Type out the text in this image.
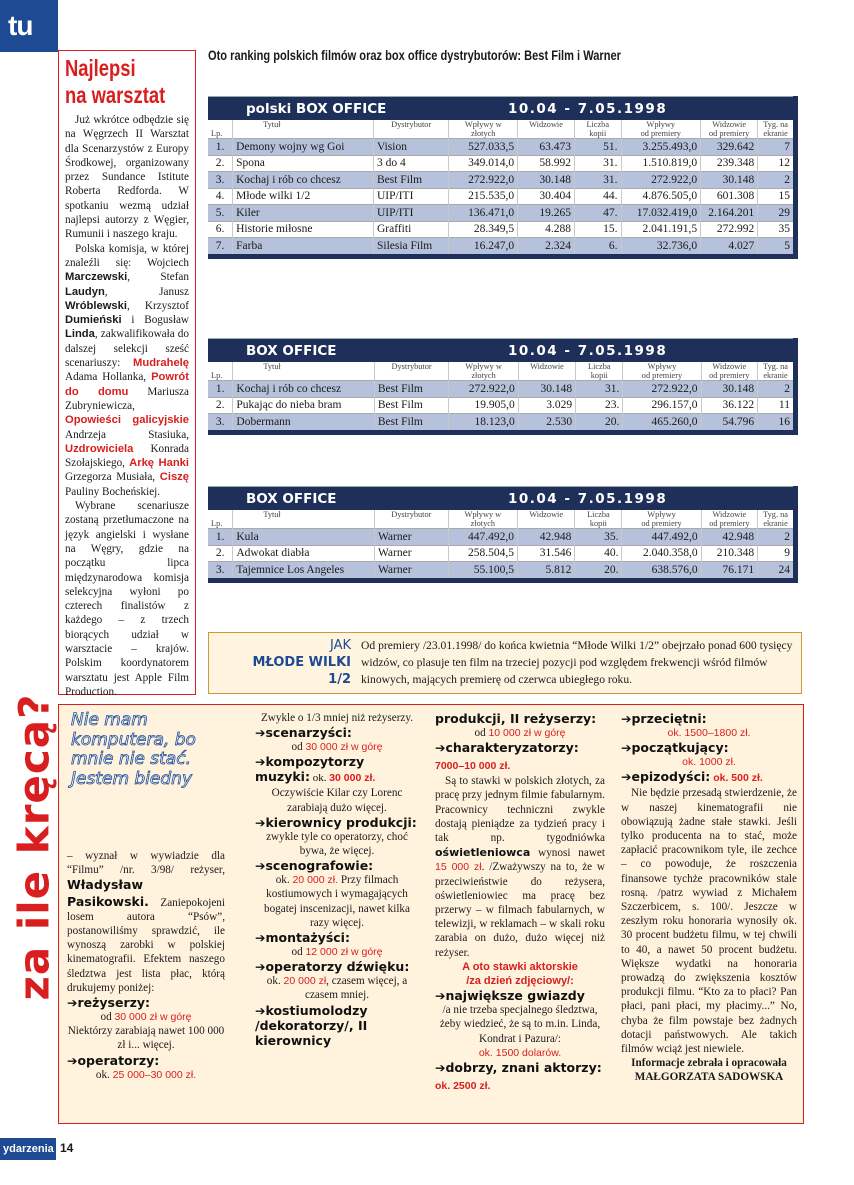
tu
Najlepsi
na warsztat

Już wkrótce odbędzie się na Węgrzech II Warsztat dla Scenarzystów z Europy Środkowej, organizowany przez Sundance Istitute Roberta Redforda. W spotkaniu wezmą udział najlepsi autorzy z Węgier, Rumunii i naszego kraju.

Polska komisja, w której znaleźli się: Wojciech Marczewski, Stefan Laudyn, Janusz Wróblewski, Krzysztof Dumieński i Bogusław Linda, zakwalifikowała do dalszej selekcji sześć scenariuszy: Mudrahelę Adama Hollanka, Powrót do domu Mariusza Zubryniewicza, Opowieści galicyjskie Andrzeja Stasiuka, Uzdrowiciela Konrada Szołajskiego, Arkę Hanki Grzegorza Musiała, Ciszę Pauliny Bocheńskiej.

Wybrane scenariusze zostaną przetłumaczone na język angielski i wysłane na Węgry, gdzie na początku lipca międzynarodowa komisja selekcyjna wyłoni po czterech finalistów z każdego – z trzech biorących udział w warsztacie – krajów. Polskim koordynatorem warsztatu jest Apple Film Production.

Oto ranking polskich filmów oraz box office dystrybutorów: Best Film i Warner
polski BOX OFFICE	10.04 - 7.05.1998
Lp.	Tytuł	Dystrybutor	Wpływy w
złotych	Widzowie	Liczba
kopii	Wpływy
od premiery	Widzowie
od premiery	Tyg. na
ekranie
1.	Demony wojny wg Goi	Vision	527.033,5	63.473	51.	3.255.493,0	329.642	7
2.	Spona	3 do 4	349.014,0	58.992	31.	1.510.819,0	239.348	12
3.	Kochaj i rób co chcesz	Best Film	272.922,0	30.148	31.	272.922,0	30.148	2
4.	Młode wilki 1/2	UIP/ITI	215.535,0	30.404	44.	4.876.505,0	601.308	15
5.	Kiler	UIP/ITI	136.471,0	19.265	47.	17.032.419,0	2.164.201	29
6.	Historie miłosne	Graffiti	28.349,5	4.288	15.	2.041.191,5	272.992	35
7.	Farba	Silesia Film	16.247,0	2.324	6.	32.736,0	4.027	5
BOX OFFICE	10.04 - 7.05.1998
Lp.	Tytuł	Dystrybutor	Wpływy w
złotych	Widzowie	Liczba
kopii	Wpływy
od premiery	Widzowie
od premiery	Tyg. na
ekranie
1.	Kochaj i rób co chcesz	Best Film	272.922,0	30.148	31.	272.922,0	30.148	2
2.	Pukając do nieba bram	Best Film	19.905,0	3.029	23.	296.157,0	36.122	11
3.	Dobermann	Best Film	18.123,0	2.530	20.	465.260,0	54.796	16
BOX OFFICE	10.04 - 7.05.1998
Lp.	Tytuł	Dystrybutor	Wpływy w
złotych	Widzowie	Liczba
kopii	Wpływy
od premiery	Widzowie
od premiery	Tyg. na
ekranie
1.	Kula	Warner	447.492,0	42.948	35.	447.492,0	42.948	2
2.	Adwokat diabła	Warner	258.504,5	31.546	40.	2.040.358,0	210.348	9
3.	Tajemnice Los Angeles	Warner	55.100,5	5.812	20.	638.576,0	76.171	24
JAK
MŁODE WILKI
1/2
Od premiery /23.01.1998/ do końca kwietnia “Młode Wilki 1/2” obejrzało ponad 600 tysięcy widzów, co plasuje ten film na trzeciej pozycji pod względem frekwencji wśród filmów kinowych, mających premierę od czerwca ubiegłego roku.
za ile kręcą? Nie mam komputera, bo mnie nie stać. Jestem biedny

– wyznał w wywiadzie dla “Filmu” /nr. 3/98/ reżyser, Władysław Pasikowski. Zaniepokojeni losem autora “Psów”, postanowiliśmy sprawdzić, ile wynoszą zarobki w polskiej kinematografii. Efektem naszego śledztwa jest lista płac, którą drukujemy poniżej:

➔reżyserzy:
od 30 000 zł w górę
Niektórzy zarabiają nawet 100 000 zł i... więcej.
➔operatorzy:
ok. 25 000–30 000 zł.
Zwykle o 1/3 mniej niż reżyserzy.
➔scenarzyści:
od 30 000 zł w górę
➔kompozytorzy muzyki: ok. 30 000 zł.
Oczywiście Kilar czy Lorenc zarabiają dużo więcej.
➔kierownicy produkcji:
zwykle tyle co operatorzy, choć bywa, że więcej.
➔scenografowie:
ok. 20 000 zł. Przy filmach kostiumowych i wymagających bogatej inscenizacji, nawet kilka razy więcej.
➔montażyści:
od 12 000 zł w górę
➔operatorzy dźwięku:
ok. 20 000 zł, czasem więcej, a czasem mniej.
➔kostiumolodzy /dekoratorzy/, II kierownicy
produkcji, II reżyserzy:
od 10 000 zł w górę
➔charakteryzatorzy: 7000–10 000 zł.

Są to stawki w polskich złotych, za pracę przy jednym filmie fabularnym. Pracownicy techniczni zwykle dostają pieniądze za tydzień pracy i tak np. tygodniówka oświetleniowca wynosi nawet 15 000 zł. /Zważywszy na to, że w przeciwieństwie do reżysera, oświetleniowiec ma pracę bez przerwy – w filmach fabularnych, w telewizji, w reklamach – w skali roku zarabia on dużo, dużo więcej niż reżyser.

A oto stawki aktorskie
/za dzień zdjęciowy/:
➔największe gwiazdy
/a nie trzeba specjalnego śledztwa, żeby wiedzieć, że są to m.in. Linda, Kondrat i Pazura/:
ok. 1500 dolarów.
➔dobrzy, znani aktorzy: ok. 2500 zł.
➔przeciętni:
ok. 1500–1800 zł.
➔początkujący:
ok. 1000 zł.
➔epizodyści: ok. 500 zł.

Nie będzie przesadą stwierdzenie, że w naszej kinematografii nie obowiązują żadne stałe stawki. Jeśli tylko producenta na to stać, może zapłacić pracownikom tyle, ile zechce – co powoduje, że roszczenia finansowe tychże pracowników stale rosną. /patrz wywiad z Michałem Szczerbicem, s. 100/. Jeszcze w zeszłym roku honoraria wynosiły ok. 30 procent budżetu filmu, w tej chwili to 40, a nawet 50 procent budżetu. Większe wydatki na honoraria prowadzą do zwiększenia kosztów produkcji filmu. “Kto za to płaci? Pan płaci, pani płaci, my płacimy...” No, chyba że film powstaje bez żadnych dotacji państwowych. Ale takich filmów wciąż jest niewiele.

Informacje zebrała i opracowała
MAŁGORZATA SADOWSKA
ydarzenia 14
